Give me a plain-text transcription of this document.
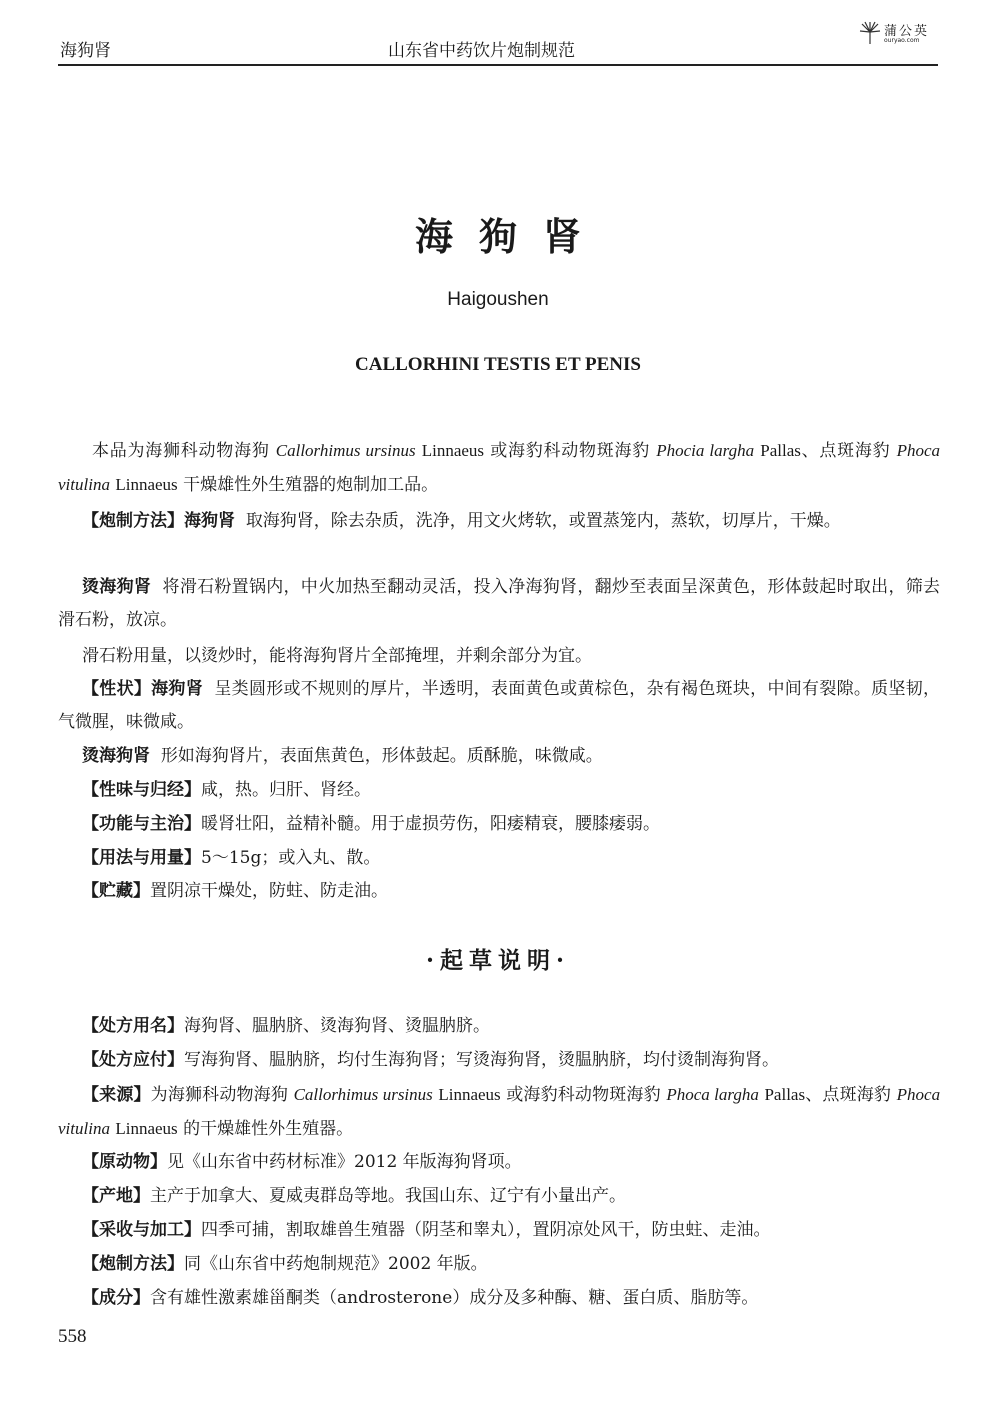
海狗肾	山东省中药饮片炮制规范
蒲公英
ouryao.com
海狗肾
Haigoushen
CALLORHINI TESTIS ET PENIS
本品为海狮科动物海狗 Callorhimus ursinus Linnaeus 或海豹科动物斑海豹 Phocia largha Pallas、点斑海豹 Phoca vitulina Linnaeus 干燥雄性外生殖器的炮制加工品。
【炮制方法】海狗肾 取海狗肾，除去杂质，洗净，用文火烤软，或置蒸笼内，蒸软，切厚片，干燥。
烫海狗肾 将滑石粉置锅内，中火加热至翻动灵活，投入净海狗肾，翻炒至表面呈深黄色，形体鼓起时取出，筛去滑石粉，放凉。
滑石粉用量，以烫炒时，能将海狗肾片全部掩埋，并剩余部分为宜。
【性状】海狗肾 呈类圆形或不规则的厚片，半透明，表面黄色或黄棕色，杂有褐色斑块，中间有裂隙。质坚韧，气微腥，味微咸。
烫海狗肾 形如海狗肾片，表面焦黄色，形体鼓起。质酥脆，味微咸。
【性味与归经】咸，热。归肝、肾经。
【功能与主治】暖肾壮阳，益精补髓。用于虚损劳伤，阳痿精衰，腰膝痿弱。
【用法与用量】5～15g；或入丸、散。
【贮藏】置阴凉干燥处，防蛀、防走油。
·起草说明·
【处方用名】海狗肾、腽肭脐、烫海狗肾、烫腽肭脐。
【处方应付】写海狗肾、腽肭脐，均付生海狗肾；写烫海狗肾，烫腽肭脐，均付烫制海狗肾。
【来源】为海狮科动物海狗 Callorhimus ursinus Linnaeus 或海豹科动物斑海豹 Phoca largha Pallas、点斑海豹 Phoca vitulina Linnaeus 的干燥雄性外生殖器。
【原动物】见《山东省中药材标准》2012 年版海狗肾项。
【产地】主产于加拿大、夏威夷群岛等地。我国山东、辽宁有小量出产。
【采收与加工】四季可捕，割取雄兽生殖器（阴茎和睾丸），置阴凉处风干，防虫蛀、走油。
【炮制方法】同《山东省中药炮制规范》2002 年版。
【成分】含有雄性激素雄甾酮类（androsterone）成分及多种酶、糖、蛋白质、脂肪等。
558
